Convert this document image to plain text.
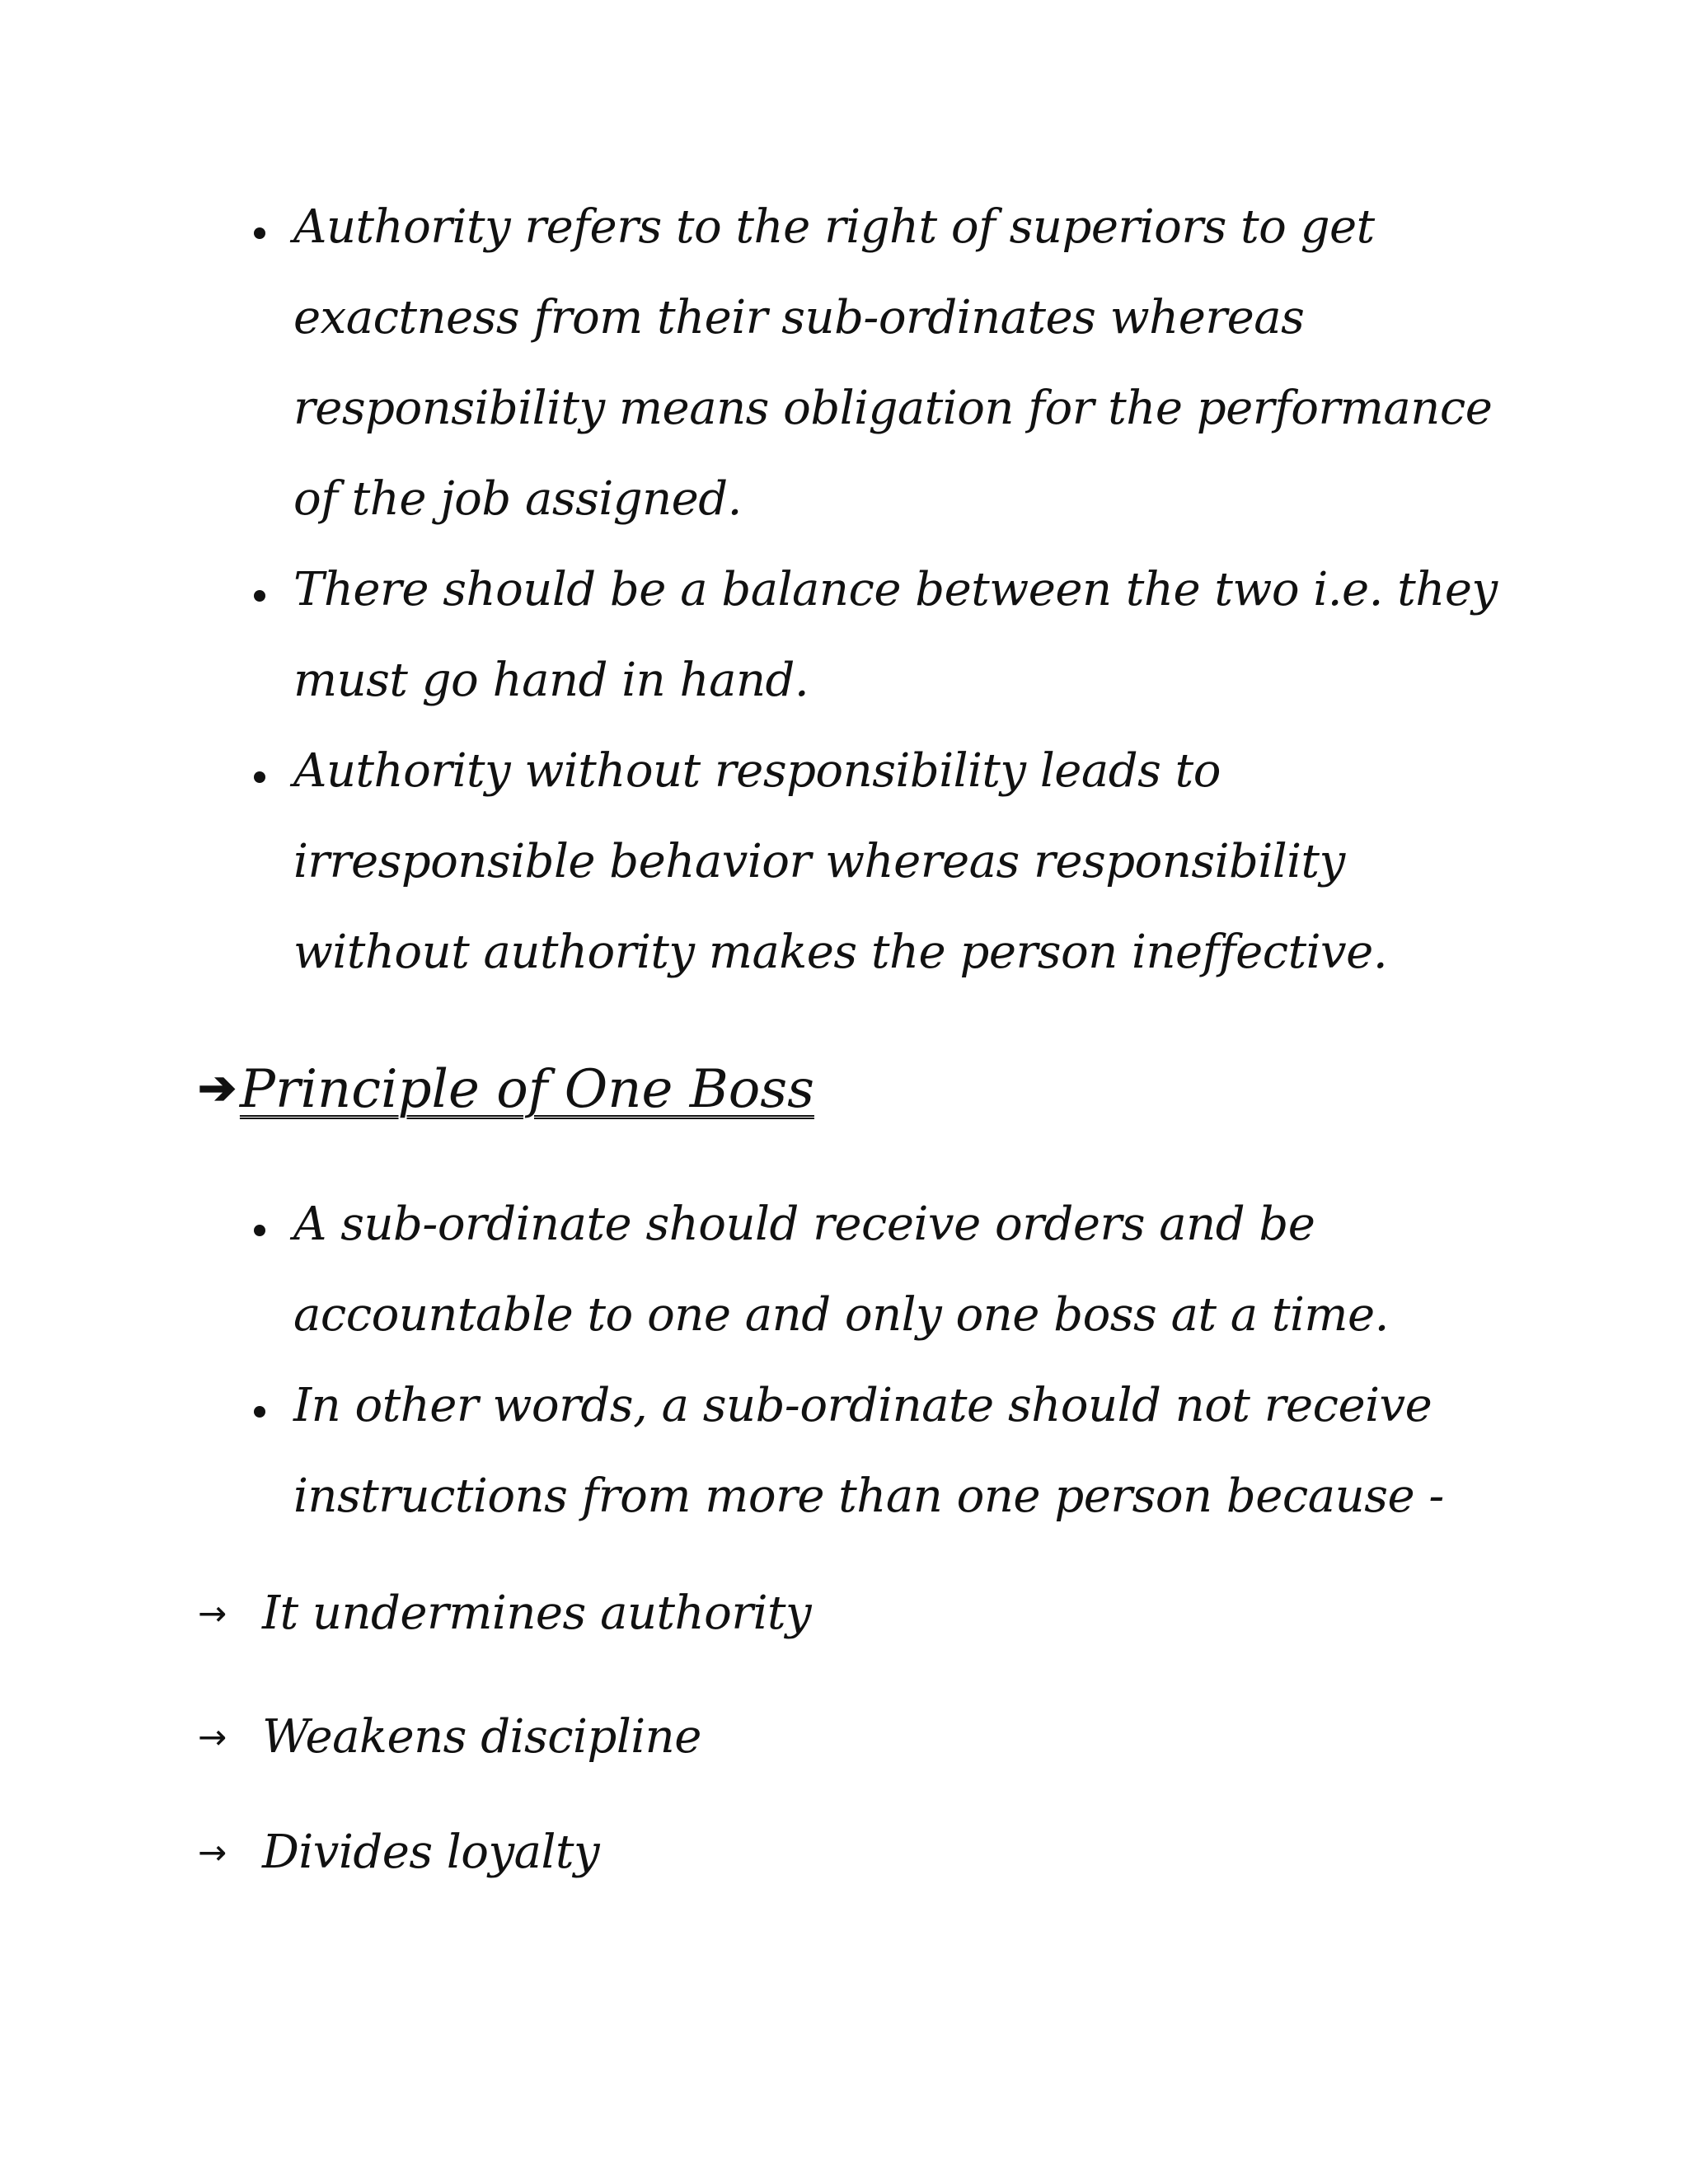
Authority refers to the right of superiors to get
exactness from their sub-ordinates whereas
responsibility means obligation for the performance
of the job assigned.
There should be a balance between the two i.e. they
must go hand in hand.
Authority without responsibility leads to
irresponsible behavior whereas responsibility
without authority makes the person ineffective.
➔Principle of One Boss
A sub-ordinate should receive orders and be
accountable to one and only one boss at a time.
In other words, a sub-ordinate should not receive
instructions from more than one person because -
→ It undermines authority
→ Weakens discipline
→ Divides loyalty
